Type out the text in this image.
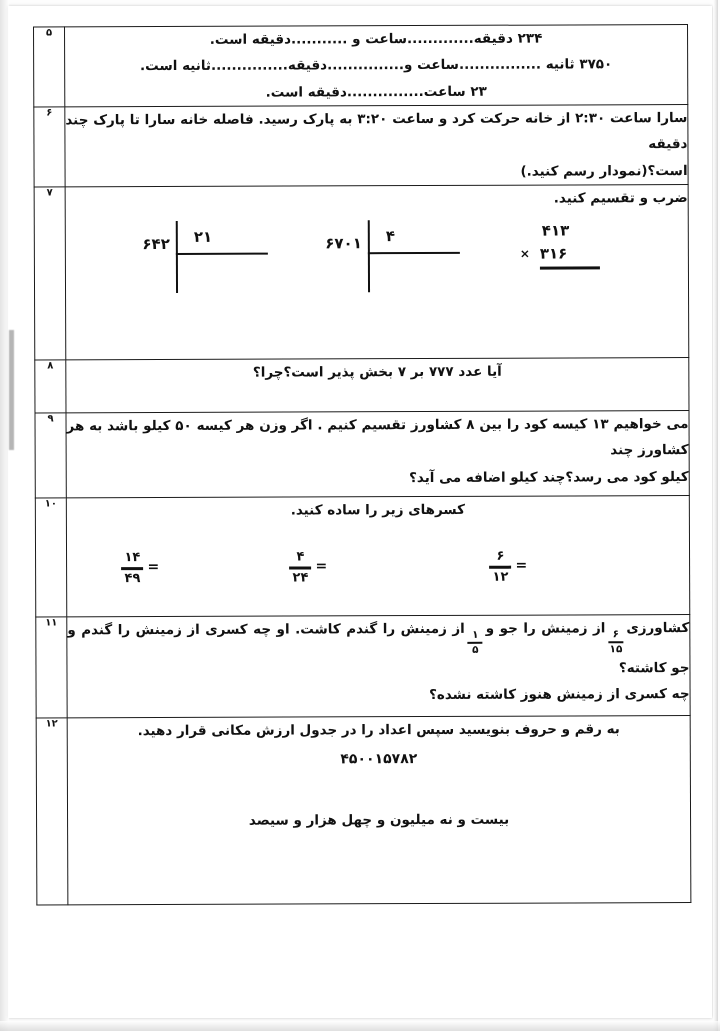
۲۳۴ دقیقه.............ساعت و ...........دقیقه است.
۳۷۵۰ ثانیه ................ساعت و...............دقیقه...............ثانیه است.
۲۳ ساعت...............دقیقه است.	۵
سارا ساعت ۲:۳۰ از خانه حرکت کرد و ساعت ۳:۲۰ به پارک رسید. فاصله خانه سارا تا پارک چند دقیقه
است؟(نمودار رسم کنید.)	۶

ضرب و تقسیم کنید.
۴۱۳
× ۳۱۶
۶۷۰۱	۴
۶۴۲	۲۱
	۷
آیا عدد ۷۷۷ بر ۷ بخش پذیر است؟چرا؟	۸
می خواهیم ۱۳ کیسه کود را بین ۸ کشاورز تقسیم کنیم . اگر وزن هر کیسه ۵۰ کیلو باشد به هر کشاورز چند
کیلو کود می رسد؟چند کیلو اضافه می آید؟	۹

کسرهای زیر را ساده کنید.
$\frac{۶}{۱۲}$ =
$\frac{۴}{۲۴}$ =
$\frac{۱۴}{۴۹}$ =
	۱۰
کشاورزی
$\frac{۶}{۱۵}$
از زمینش را جو و
$\frac{۱}{۵}$
از زمینش را گندم کاشت. او چه کسری از زمینش را گندم و جو کاشته؟
چه کسری از زمینش هنوز کاشته نشده؟
	۱۱

به رقم و حروف بنویسید سپس اعداد را در جدول ارزش مکانی قرار دهید.
۴۵۰۰۱۵۷۸۲
بیست و نه میلیون و چهل هزار و سیصد	۱۲
